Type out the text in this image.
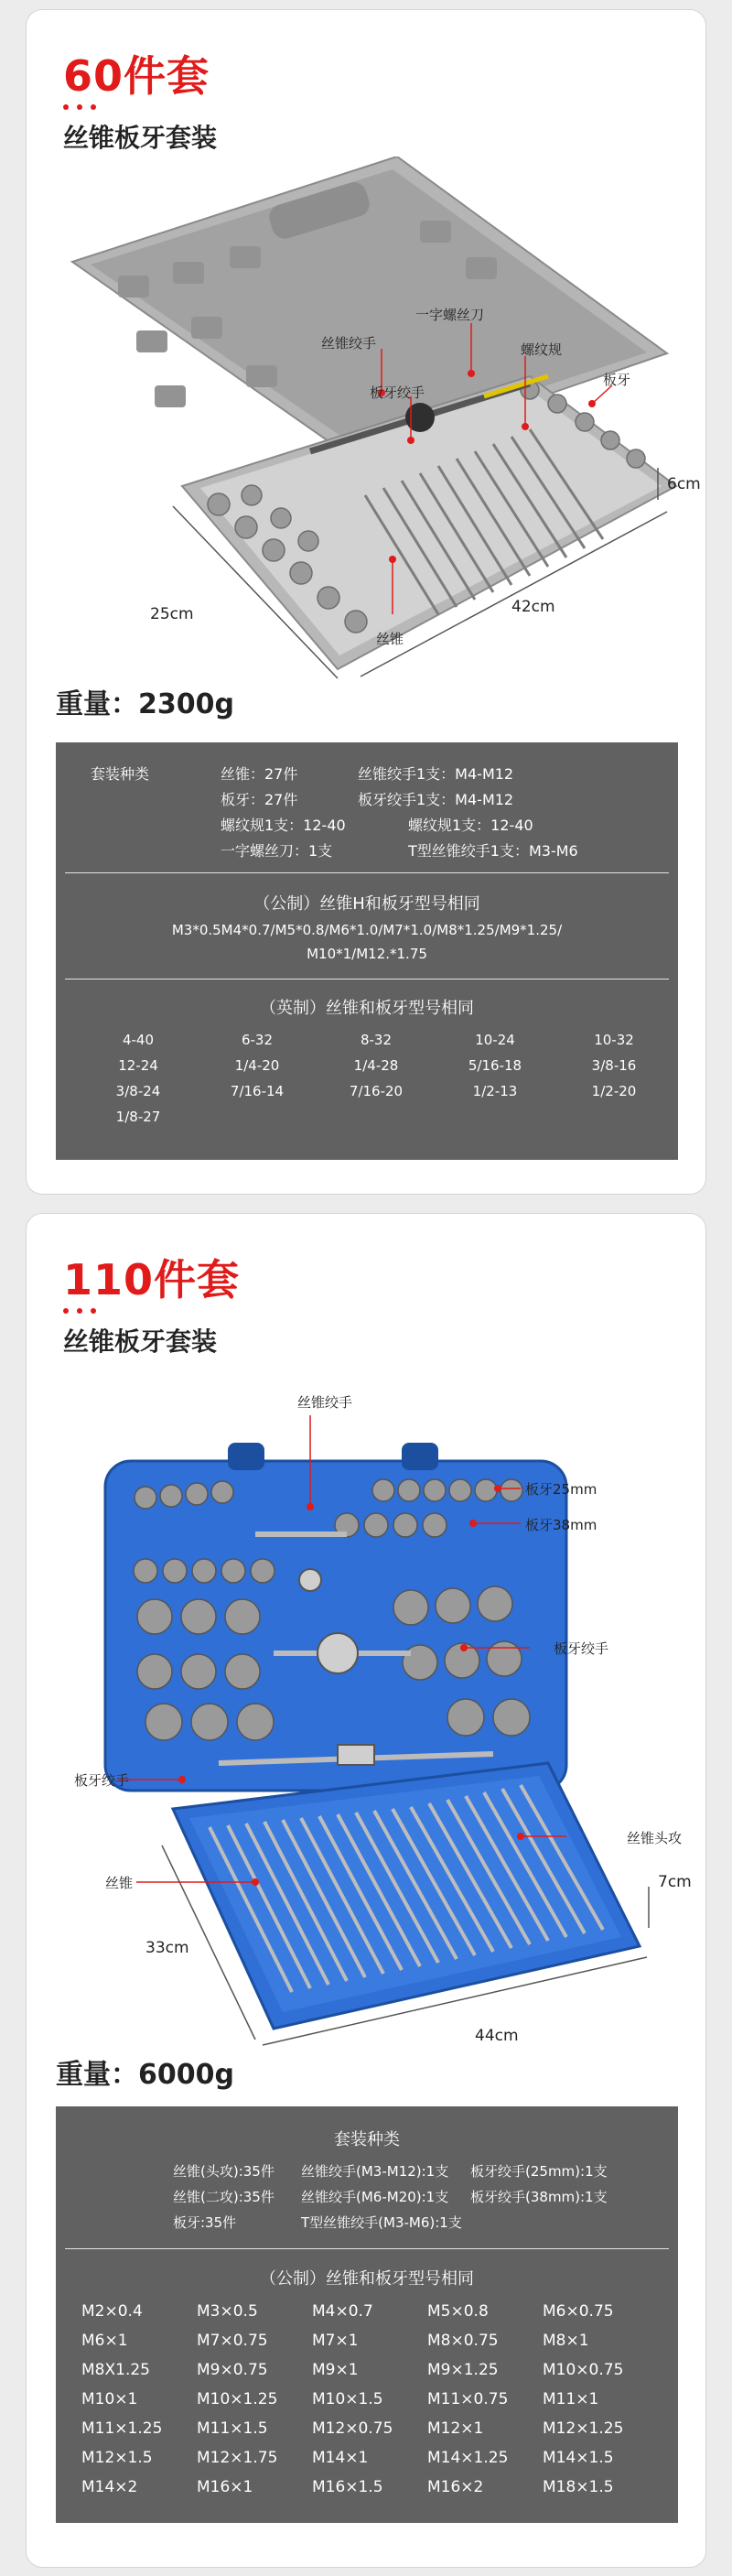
60件套
丝锥板牙套装
丝锥绞手
一字螺丝刀
板牙绞手
螺纹规
板牙
丝锥
6cm
42cm
25cm
重量：2300g
套装种类	丝锥：27件	丝锥绞手1支：M4-M12
板牙：27件	板牙绞手1支：M4-M12
螺纹规1支：12-40	螺纹规1支：12-40
一字螺丝刀：1支	T型丝锥绞手1支：M3-M6
（公制）丝锥H和板牙型号相同
M3*0.5M4*0.7/M5*0.8/M6*1.0/M7*1.0/M8*1.25/M9*1.25/
M10*1/M12.*1.75
（英制）丝锥和板牙型号相同
4-40	6-32	8-32	10-24	10-32
12-24	1/4-20	1/4-28	5/16-18	3/8-16
3/8-24	7/16-14	7/16-20	1/2-13	1/2-20
1/8-27
110件套
丝锥板牙套装
丝锥绞手
板牙25mm
板牙38mm
板牙绞手
板牙绞手
丝锥头攻
丝锥	7cm
33cm
44cm
重量：6000g
套装种类
丝锥(头攻):35件 丝锥绞手(M3-M12):1支 板牙绞手(25mm):1支
丝锥(二攻):35件 丝锥绞手(M6-M20):1支 板牙绞手(38mm):1支
板牙:35件	T型丝锥绞手(M3-M6):1支
（公制）丝锥和板牙型号相同
M2×0.4	M3×0.5	M4×0.7	M5×0.8	M6×0.75
M6×1	M7×0.75	M7×1	M8×0.75	M8×1
M8X1.25	M9×0.75	M9×1	M9×1.25	M10×0.75
M10×1	M10×1.25 M10×1.5	M11×0.75 M11×1
M11×1.25 M11×1.5	M12×0.75 M12×1	M12×1.25
M12×1.5	M12×1.75 M14×1	M14×1.25 M14×1.5
M14×2	M16×1	M16×1.5	M16×2	M18×1.5
